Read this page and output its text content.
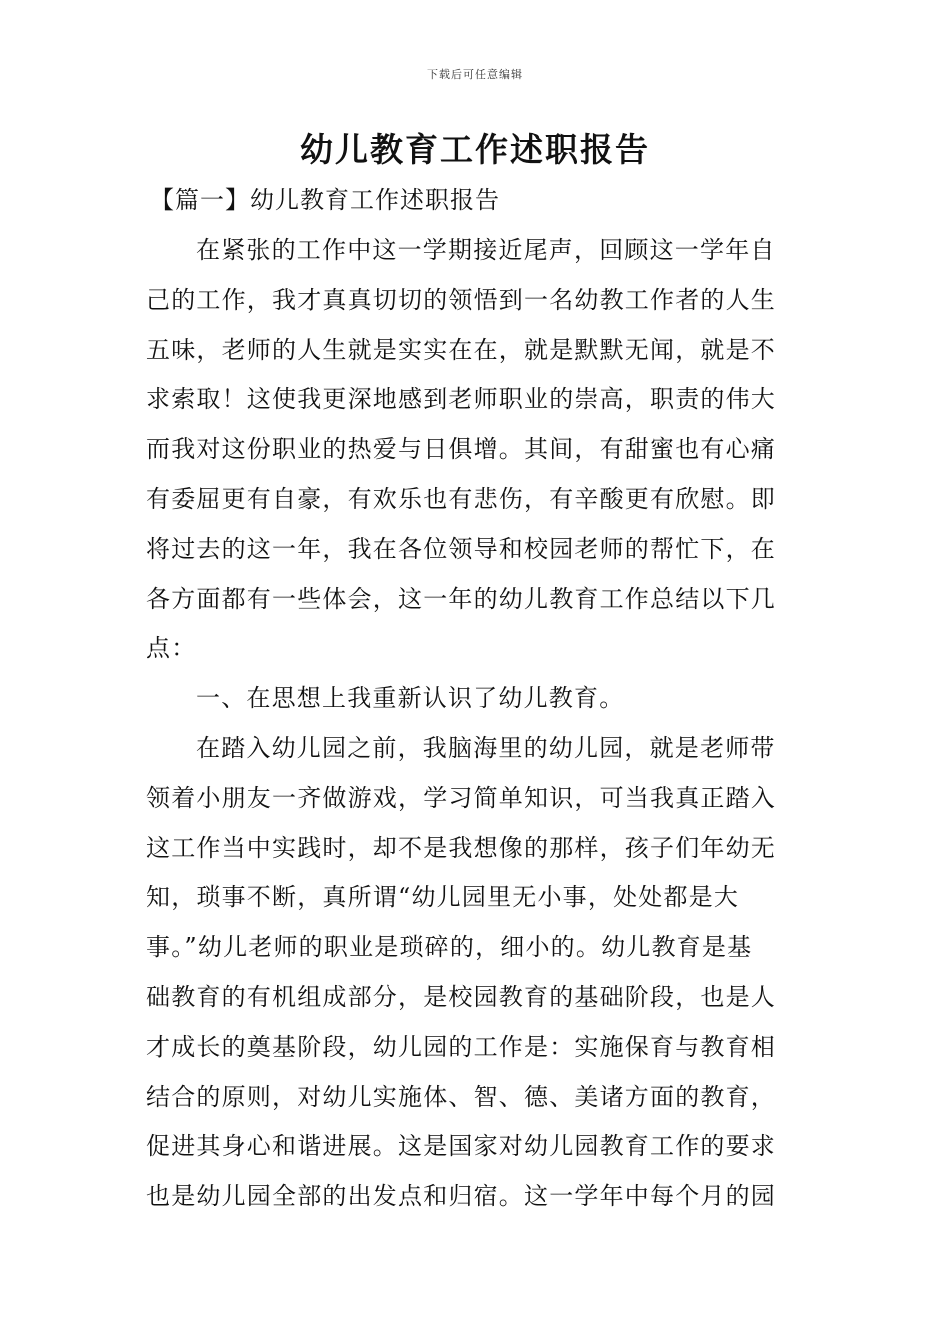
下载后可任意编辑
幼儿教育工作述职报告
【篇一】幼儿教育工作述职报告
在紧张的工作中这一学期接近尾声，回顾这一学年自
己的工作，我才真真切切的领悟到一名幼教工作者的人生
五味，老师的人生就是实实在在，就是默默无闻，就是不
求索取！这使我更深地感到老师职业的崇高，职责的伟大
而我对这份职业的热爱与日俱增。其间，有甜蜜也有心痛
有委屈更有自豪，有欢乐也有悲伤，有辛酸更有欣慰。即
将过去的这一年，我在各位领导和校园老师的帮忙下，在
各方面都有一些体会，这一年的幼儿教育工作总结以下几
点：
一、在思想上我重新认识了幼儿教育。
在踏入幼儿园之前，我脑海里的幼儿园，就是老师带
领着小朋友一齐做游戏，学习简单知识，可当我真正踏入
这工作当中实践时，却不是我想像的那样，孩子们年幼无
知，琐事不断，真所谓“幼儿园里无小事，处处都是大
事。”幼儿老师的职业是琐碎的，细小的。幼儿教育是基
础教育的有机组成部分，是校园教育的基础阶段，也是人
才成长的奠基阶段，幼儿园的工作是：实施保育与教育相
结合的原则，对幼儿实施体、智、德、美诸方面的教育，
促进其身心和谐进展。这是国家对幼儿园教育工作的要求
也是幼儿园全部的出发点和归宿。这一学年中每个月的园
